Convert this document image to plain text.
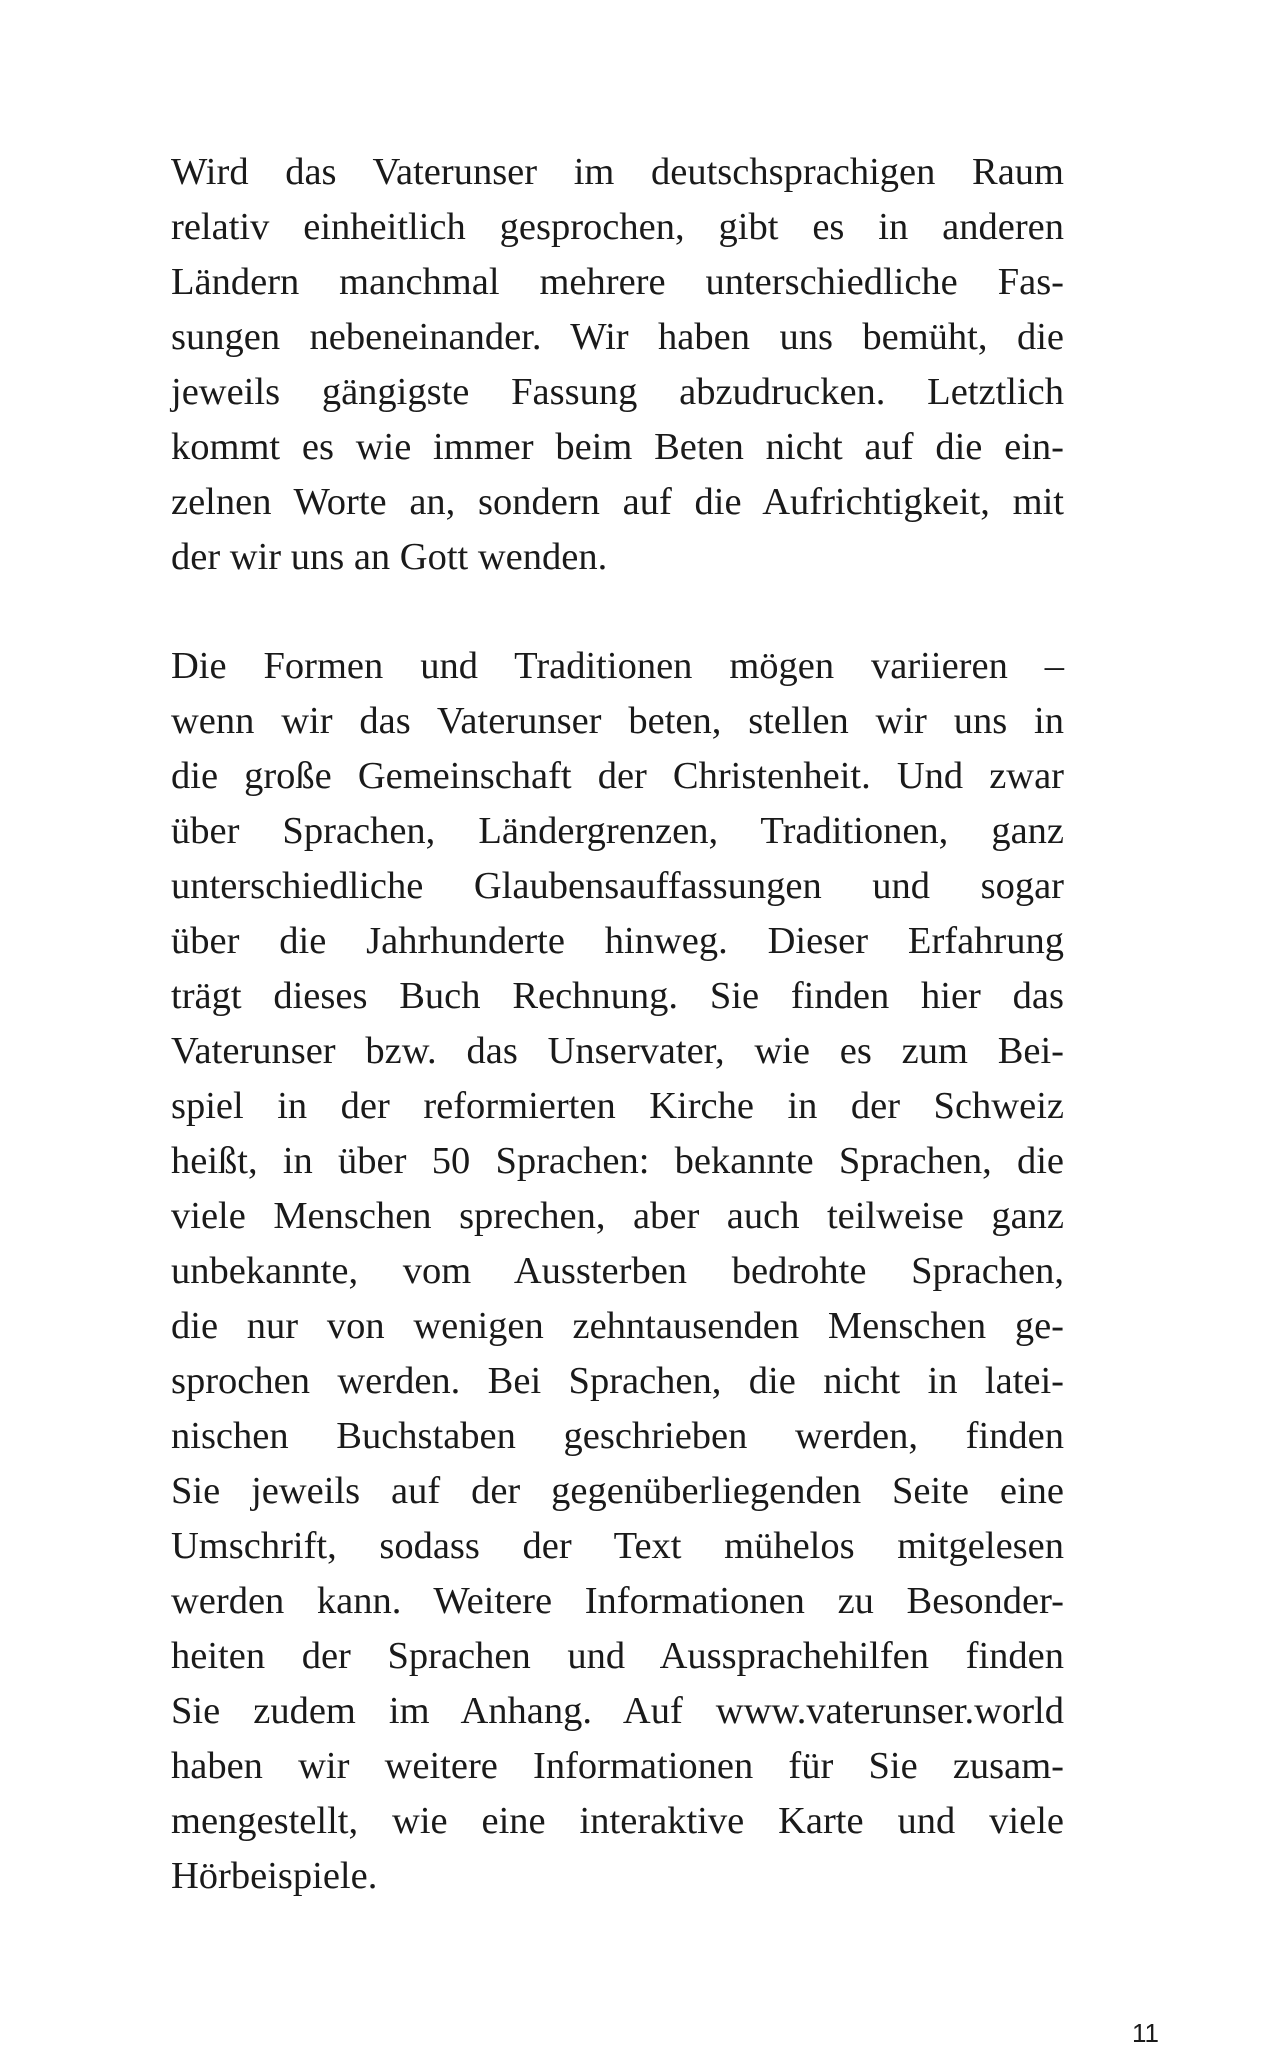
Wird das Vaterunser im deutschsprachigen Raum
relativ einheitlich gesprochen, gibt es in anderen
Ländern manchmal mehrere unterschiedliche Fas-
sungen nebeneinander. Wir haben uns bemüht, die
jeweils gängigste Fassung abzudrucken. Letztlich
kommt es wie immer beim Beten nicht auf die ein-
zelnen Worte an, sondern auf die Aufrichtigkeit, mit
der wir uns an Gott wenden.
Die Formen und Traditionen mögen variieren –
wenn wir das Vaterunser beten, stellen wir uns in
die große Gemeinschaft der Christenheit. Und zwar
über Sprachen, Ländergrenzen, Traditionen, ganz
unterschiedliche Glaubensauffassungen und sogar
über die Jahrhunderte hinweg. Dieser Erfahrung
trägt dieses Buch Rechnung. Sie finden hier das
Vaterunser bzw. das Unservater, wie es zum Bei-
spiel in der reformierten Kirche in der Schweiz
heißt, in über 50 Sprachen: bekannte Sprachen, die
viele Menschen sprechen, aber auch teilweise ganz
unbekannte, vom Aussterben bedrohte Sprachen,
die nur von wenigen zehntausenden Menschen ge-
sprochen werden. Bei Sprachen, die nicht in latei-
nischen Buchstaben geschrieben werden, finden
Sie jeweils auf der gegenüberliegenden Seite eine
Umschrift, sodass der Text mühelos mitgelesen
werden kann. Weitere Informationen zu Besonder-
heiten der Sprachen und Aussprachehilfen finden
Sie zudem im Anhang. Auf www.vaterunser.world
haben wir weitere Informationen für Sie zusam-
mengestellt, wie eine interaktive Karte und viele
Hörbeispiele.
11
